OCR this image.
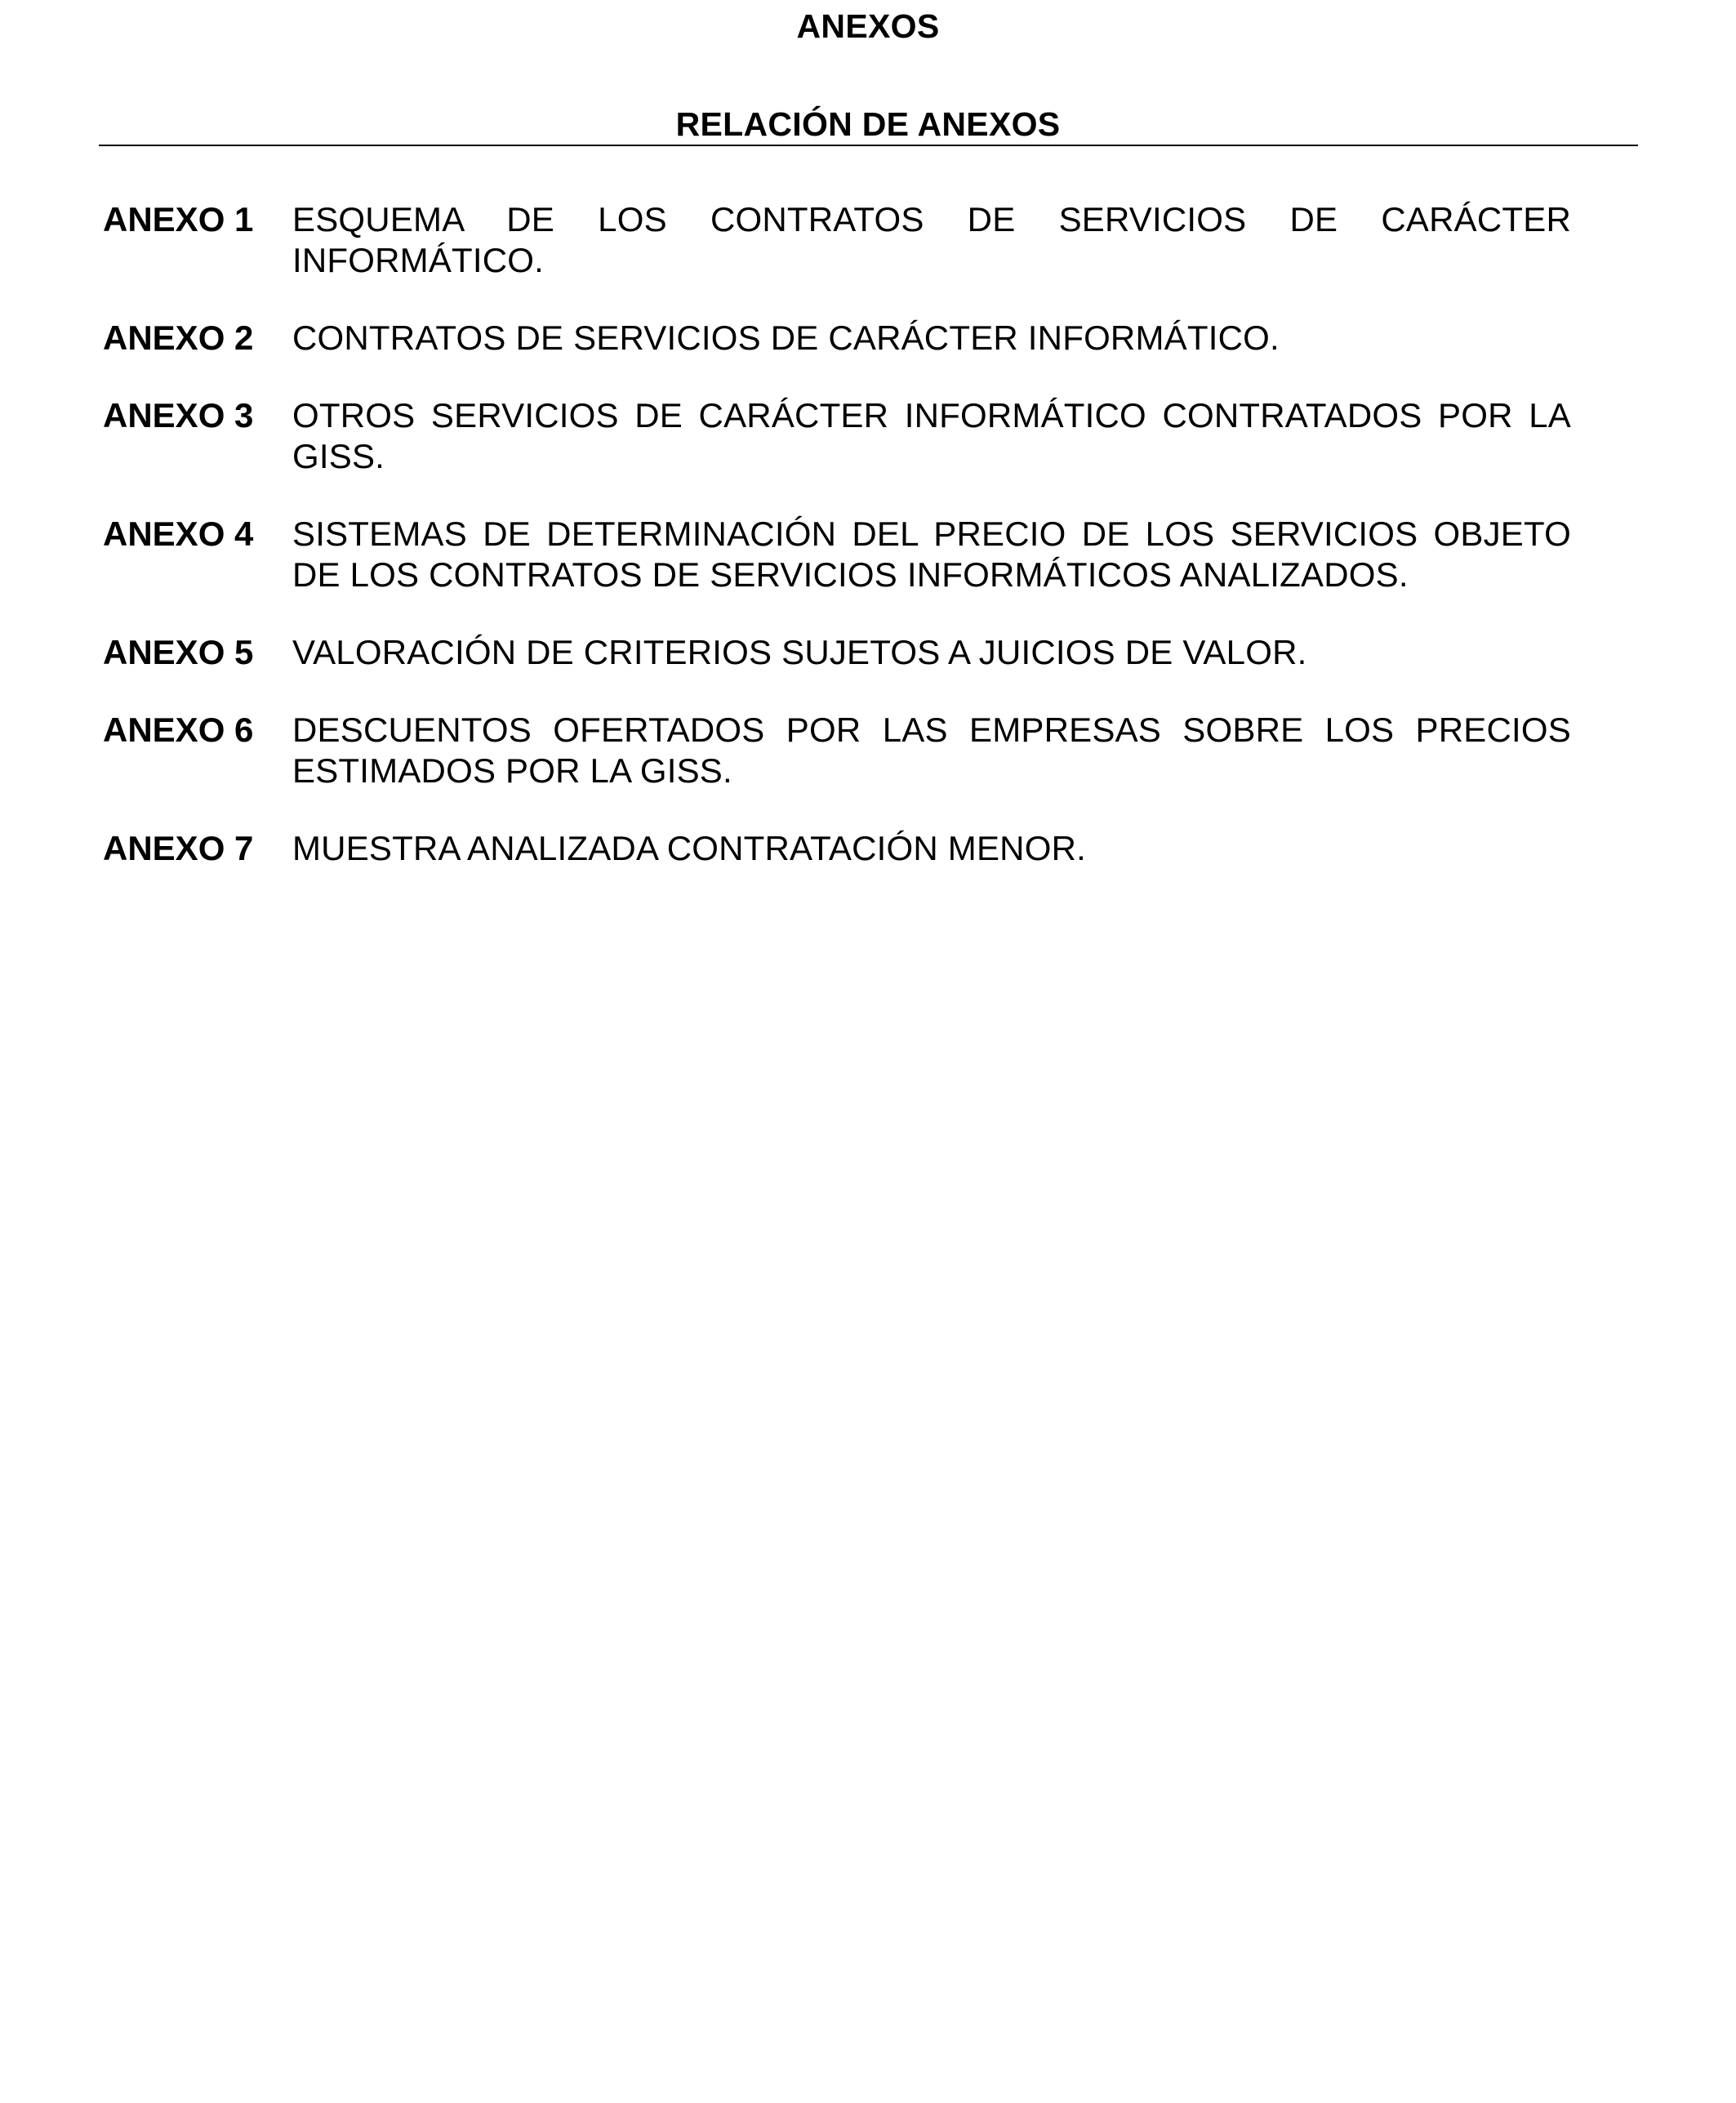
ANEXOS
RELACIÓN DE ANEXOS
ANEXO 1	ESQUEMA DE LOS CONTRATOS DE SERVICIOS DE CARÁCTER INFORMÁTICO.
ANEXO 2	CONTRATOS DE SERVICIOS DE CARÁCTER INFORMÁTICO.
ANEXO 3	OTROS SERVICIOS DE CARÁCTER INFORMÁTICO CONTRATADOS POR LA GISS.
ANEXO 4	SISTEMAS DE DETERMINACIÓN DEL PRECIO DE LOS SERVICIOS OBJETO DE LOS CONTRATOS DE SERVICIOS INFORMÁTICOS ANALIZADOS.
ANEXO 5	VALORACIÓN DE CRITERIOS SUJETOS A JUICIOS DE VALOR.
ANEXO 6	DESCUENTOS OFERTADOS POR LAS EMPRESAS SOBRE LOS PRECIOS ESTIMADOS POR LA GISS.
ANEXO 7	MUESTRA ANALIZADA CONTRATACIÓN MENOR.
